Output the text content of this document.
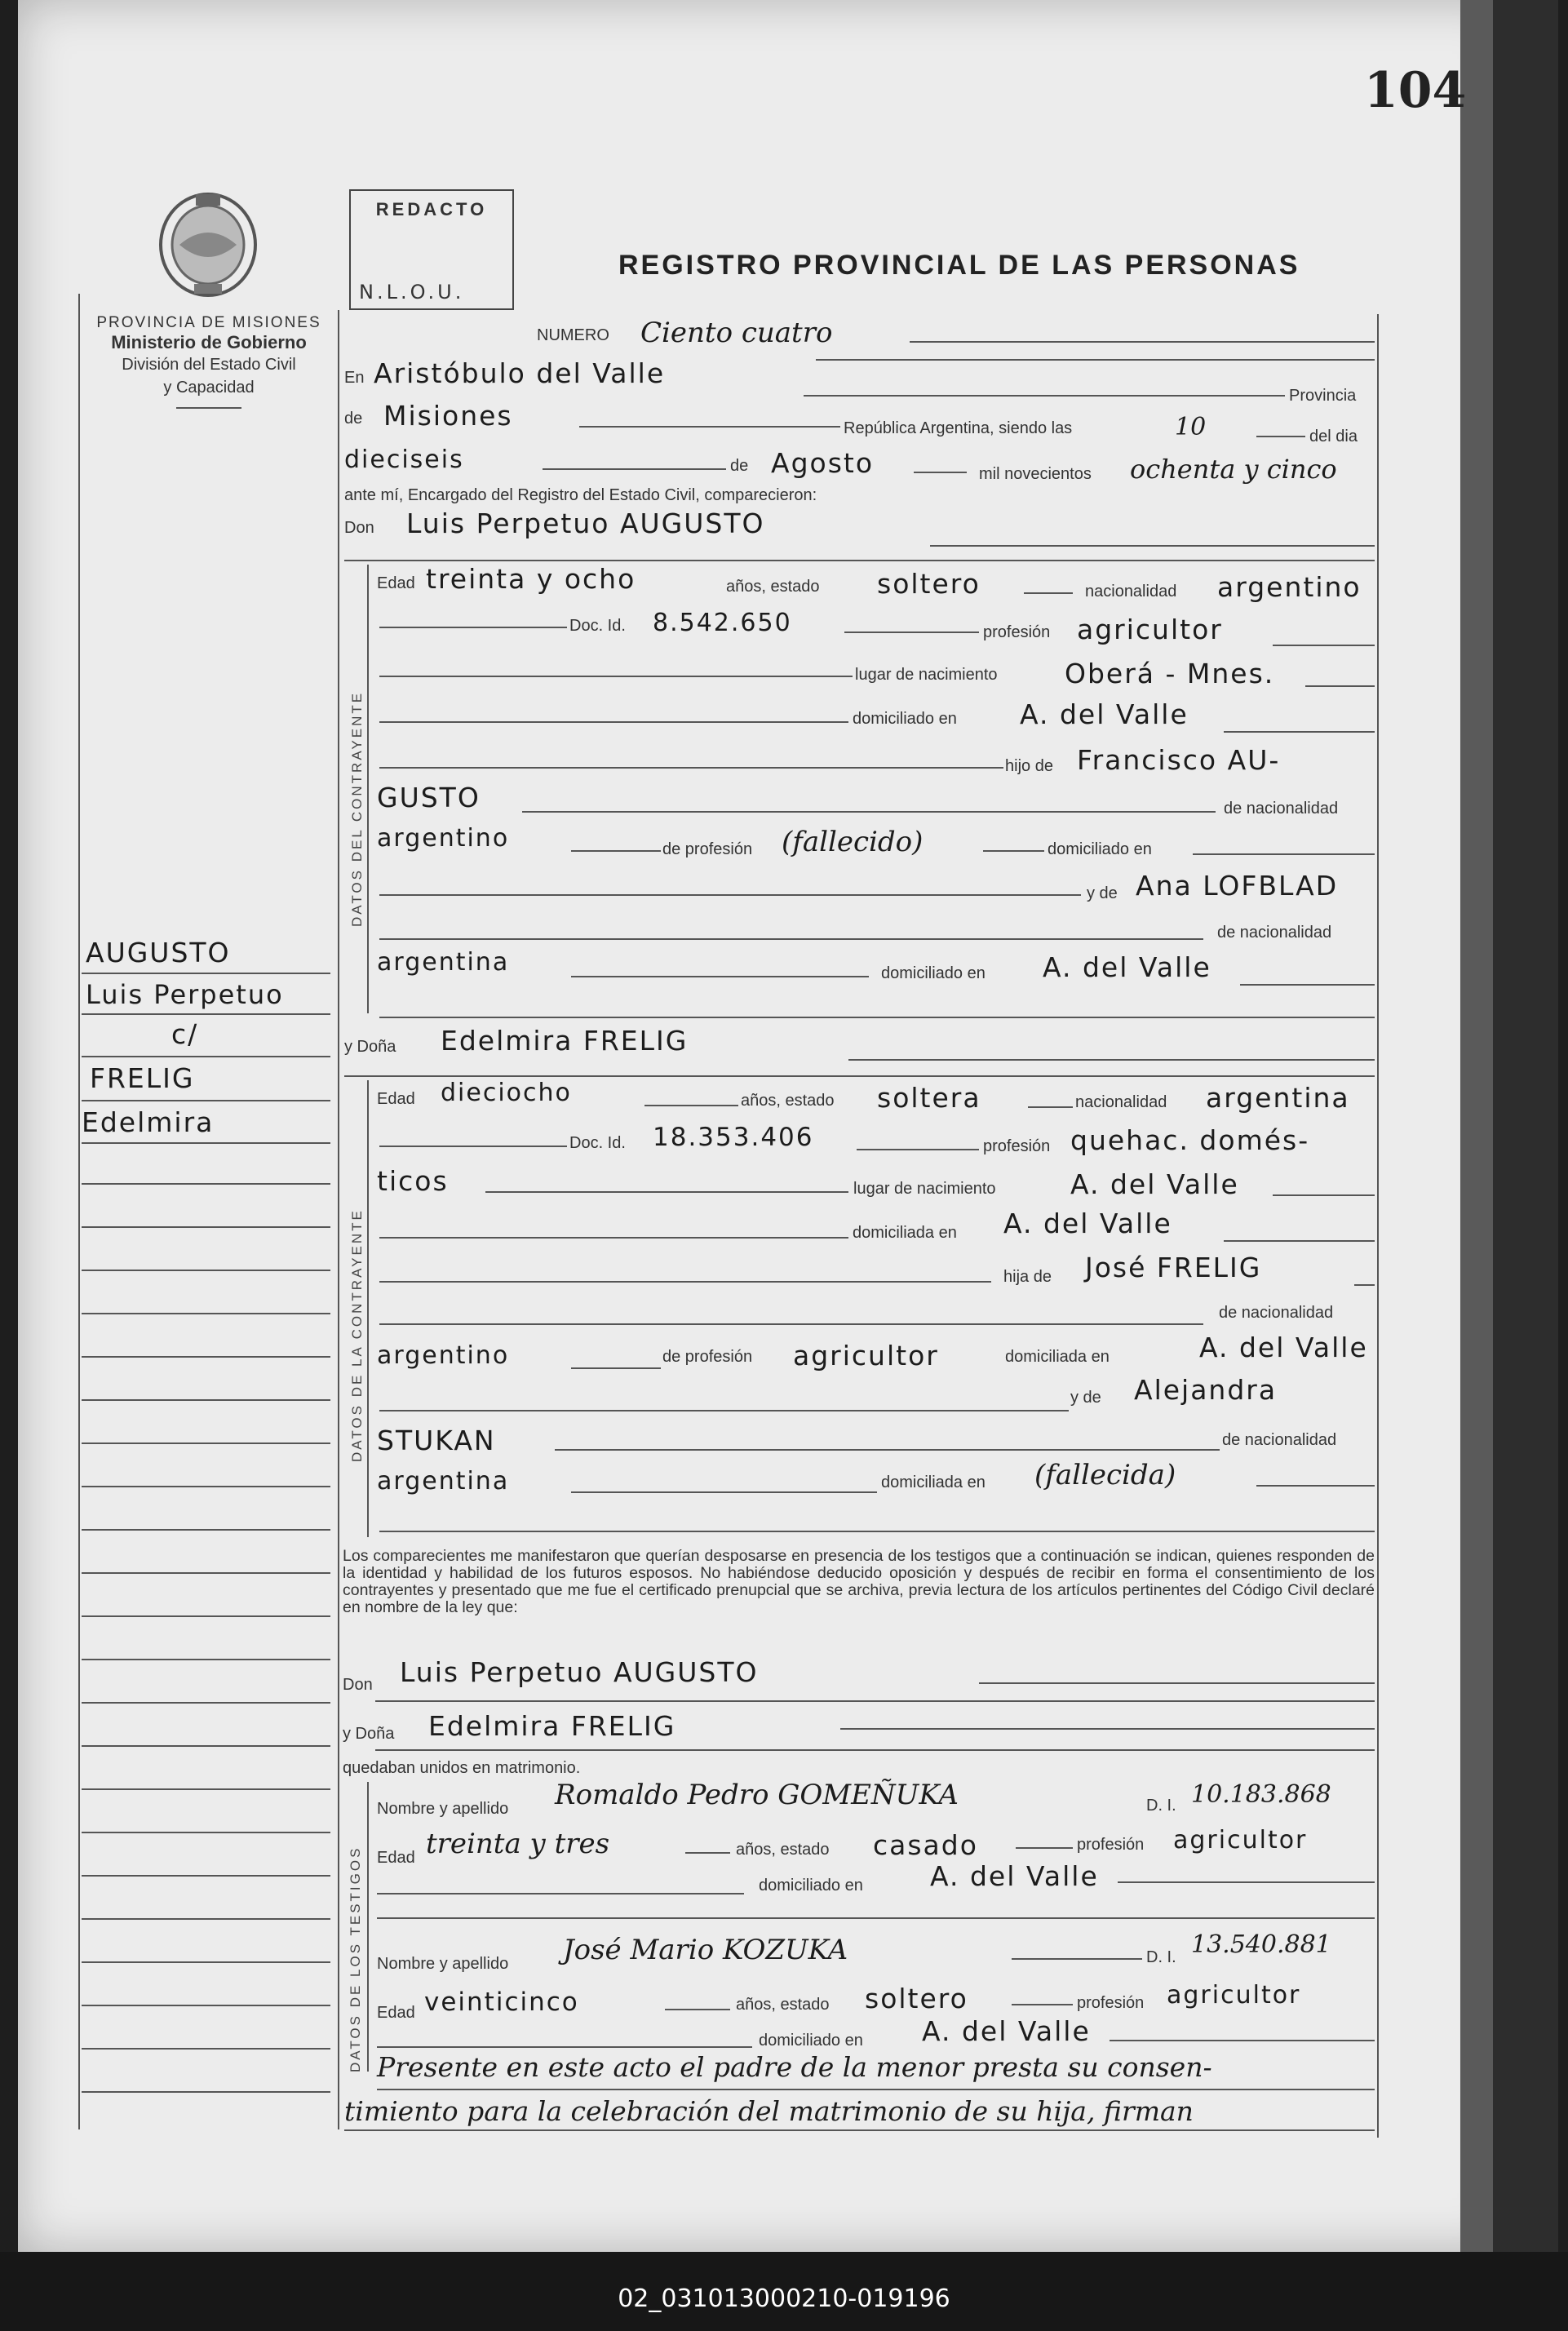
104
PROVINCIA DE MISIONES
Ministerio de Gobierno
División del Estado Civil
y Capacidad
REDACTO
N.L.O.U.
REGISTRO PROVINCIAL DE LAS PERSONAS
AUGUSTO
Luis Perpetuo
c/
FRELIG
Edelmira
NUMERO Ciento cuatro
En Aristóbulo del Valle
Provincia
de Misiones	República Argentina, siendo las	10	del dia
dieciseis	de Agosto	mil novecientos ochenta y cinco
ante mí, Encargado del Registro del Estado Civil, comparecieron:
Don Luis Perpetuo AUGUSTO
DATOS DEL CONTRAYENTE
Edad treinta y ocho	años, estado soltero	nacionalidad argentino
Doc. Id. 8.542.650	profesión agricultor
lugar de nacimiento Oberá - Mnes.
domiciliado en A. del Valle
hijo de Francisco AU-
GUSTO	de nacionalidad
argentino	de profesión (fallecido)	domiciliado en
y de Ana LOFBLAD
de nacionalidad
argentina	domiciliado en A. del Valle
y Doña Edelmira FRELIG
DATOS DE LA CONTRAYENTE
Edad dieciocho	años, estado soltera	nacionalidad argentina
Doc. Id. 18.353.406	profesión quehac. domés-
ticos	lugar de nacimiento	A. del Valle
domiciliada en A. del Valle
hija de José FRELIG
de nacionalidad
argentino	de profesión agricultor	domiciliada en	A. del Valle
y de Alejandra
STUKAN	de nacionalidad
argentina	domiciliada en (fallecida)
Los comparecientes me manifestaron que querían desposarse en presencia de los testigos que a continuación se indican, quienes responden de la identidad y habilidad de los futuros esposos. No habiéndose deducido oposición y después de recibir en forma el consentimiento de los contrayentes y presentado que me fue el certificado prenupcial que se archiva, previa lectura de los artículos pertinentes del Código Civil declaré en nombre de la ley que:
Don Luis Perpetuo AUGUSTO
y Doña Edelmira FRELIG
quedaban unidos en matrimonio.
DATOS DE LOS TESTIGOS
Nombre y apellido Romaldo Pedro GOMEÑUKA	D. I. 10.183.868
Edad treinta y tres	años, estado casado	profesión agricultor
domiciliado en A. del Valle
Nombre y apellido José Mario KOZUKA	D. I. 13.540.881
Edad veinticinco	años, estado soltero	profesión agricultor
domiciliado en A. del Valle
Presente en este acto el padre de la menor presta su consen-
timiento para la celebración del matrimonio de su hija, firman
02_031013000210-019196
